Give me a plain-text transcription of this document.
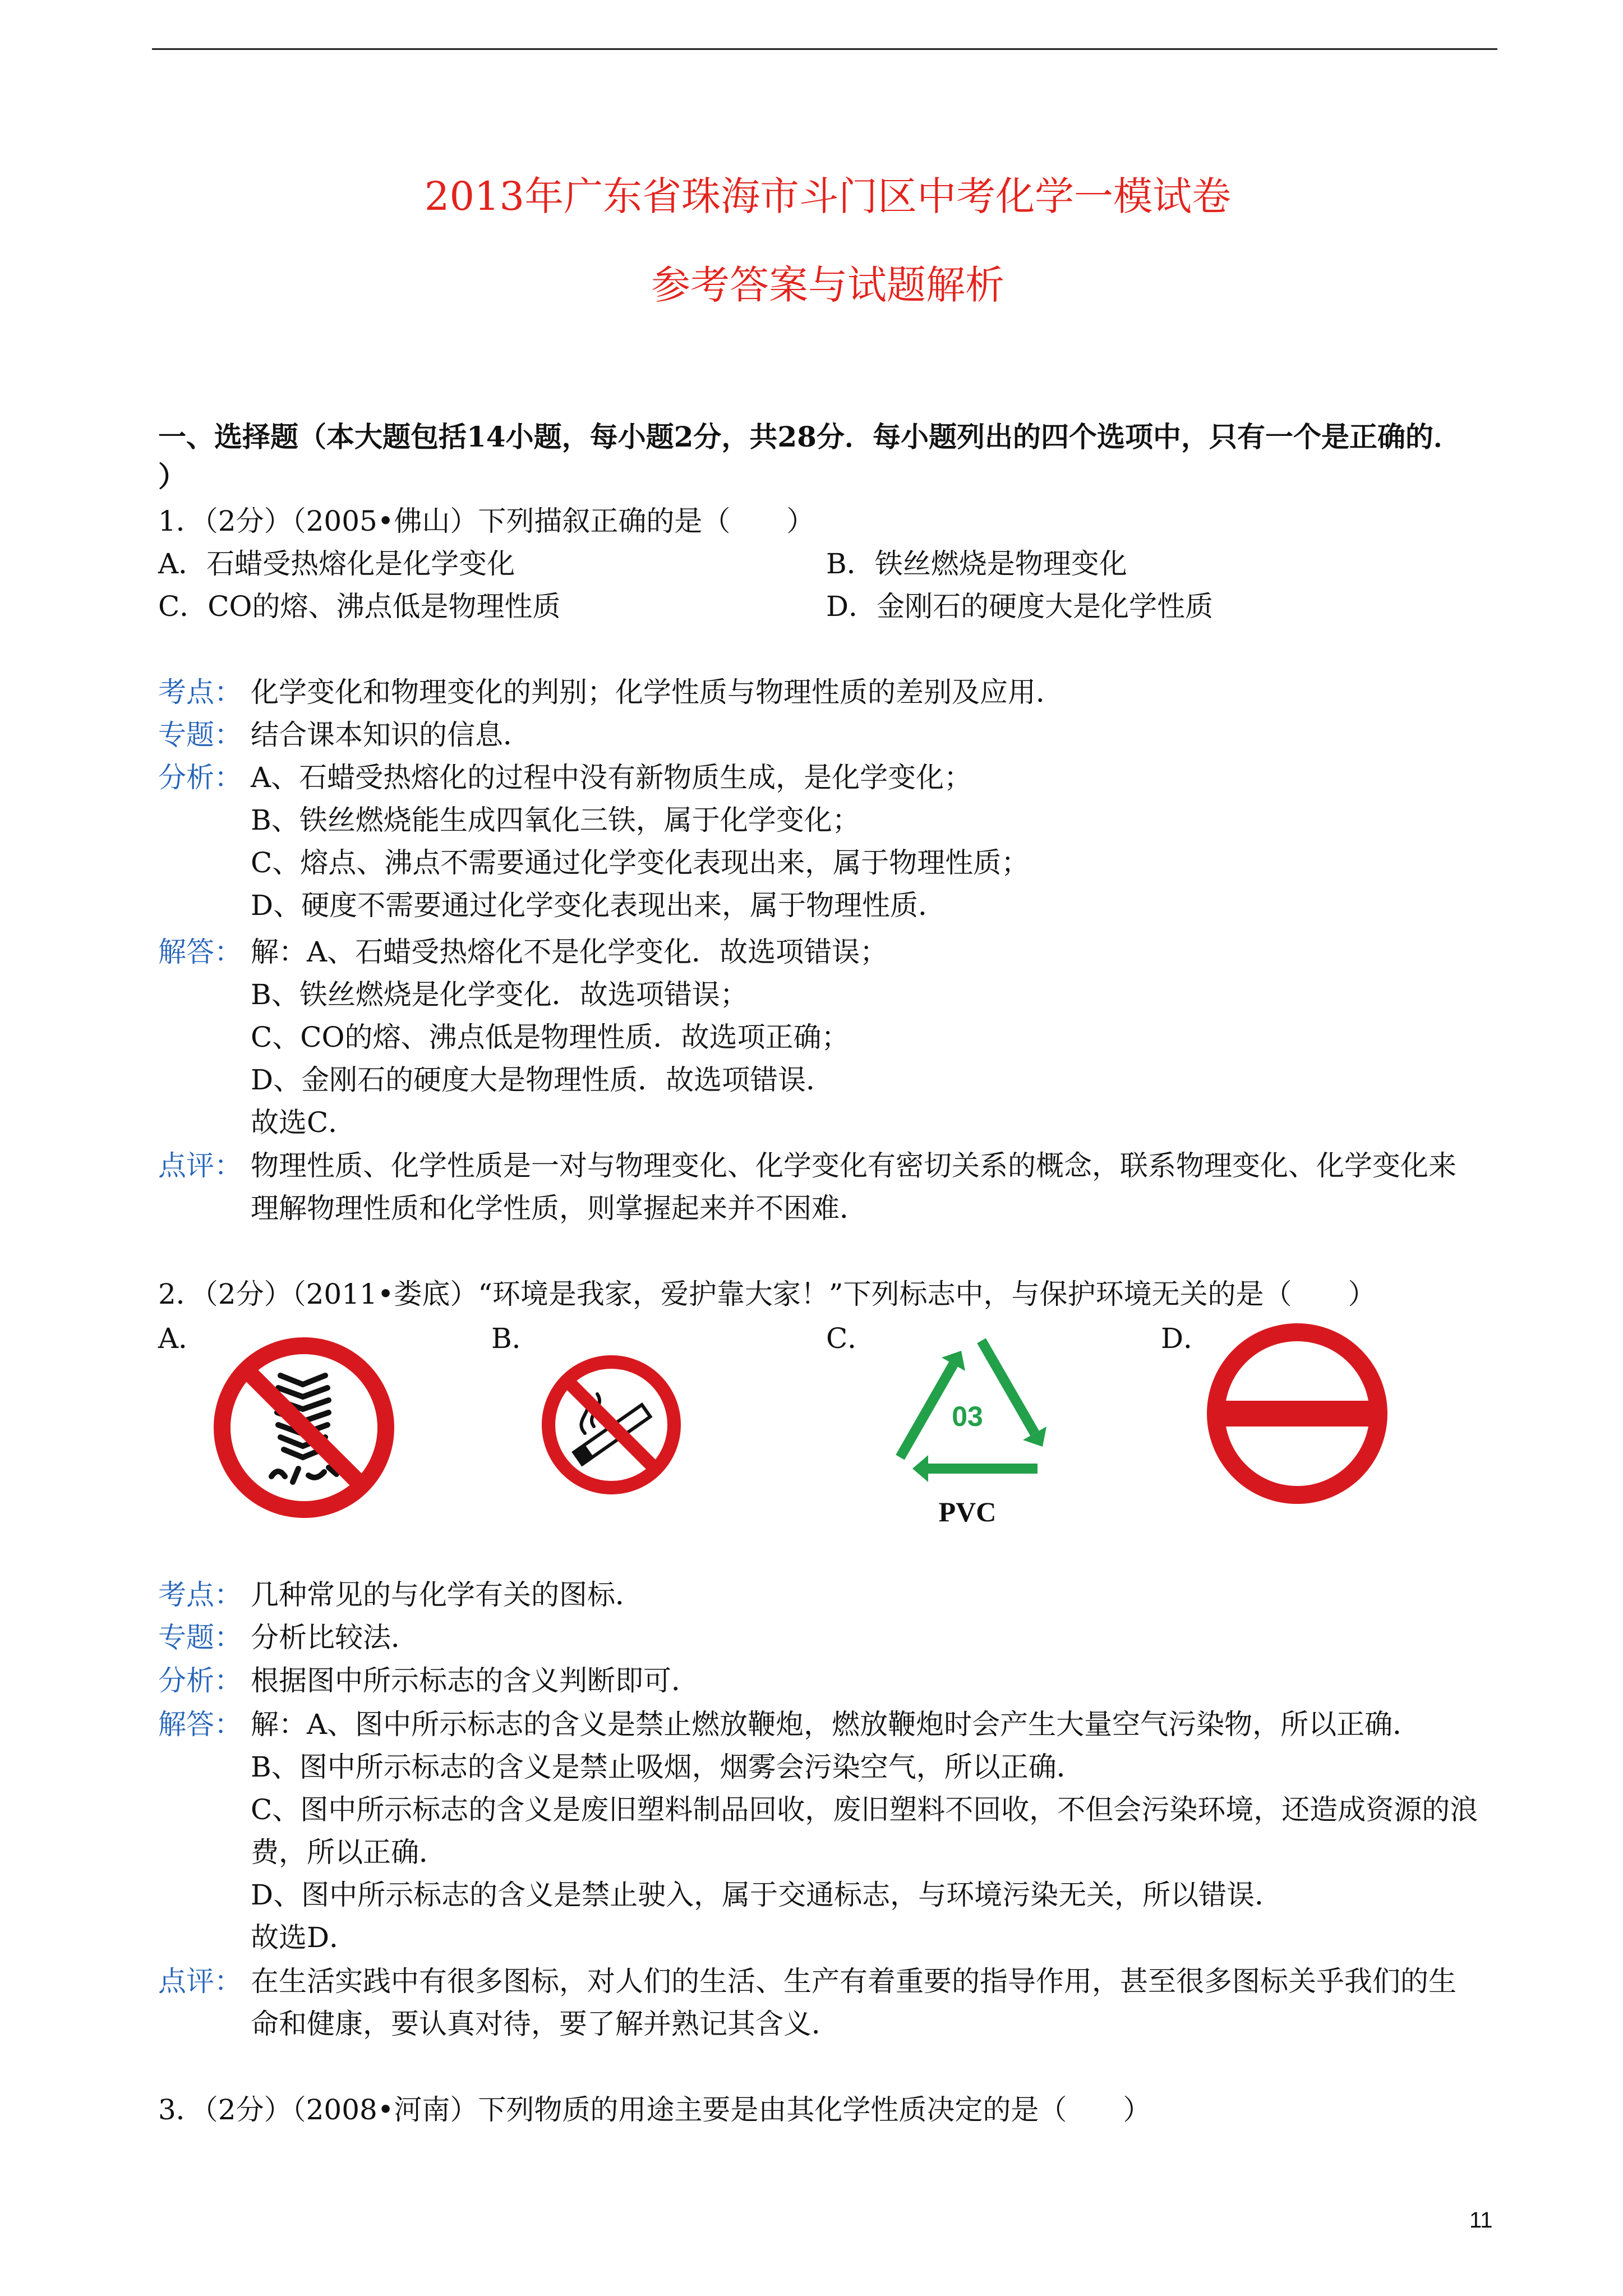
2013年广东省珠海市斗门区中考化学一模试卷
参考答案与试题解析
一、选择题（本大题包括14小题，每小题2分，共28分．每小题列出的四个选项中，只有一个是正确的．
）
1．（2分）（2005•佛山）下列描叙正确的是（　　）
A．石蜡受热熔化是化学变化	B．铁丝燃烧是物理变化
C．CO的熔、沸点低是物理性质	D．金刚石的硬度大是化学性质
考点： 化学变化和物理变化的判别；化学性质与物理性质的差别及应用．
专题： 结合课本知识的信息．
分析： A、石蜡受热熔化的过程中没有新物质生成，是化学变化；
B、铁丝燃烧能生成四氧化三铁，属于化学变化；
C、熔点、沸点不需要通过化学变化表现出来，属于物理性质；
D、硬度不需要通过化学变化表现出来，属于物理性质．
解答： 解：A、石蜡受热熔化不是化学变化．故选项错误；
B、铁丝燃烧是化学变化．故选项错误；
C、CO的熔、沸点低是物理性质．故选项正确；
D、金刚石的硬度大是物理性质．故选项错误．
故选C．
点评： 物理性质、化学性质是一对与物理变化、化学变化有密切关系的概念，联系物理变化、化学变化来
理解物理性质和化学性质，则掌握起来并不困难．
2．（2分）（2011•娄底）“环境是我家，爱护靠大家！”下列标志中，与保护环境无关的是（　　）
A．	B．	C．	D．
03
PVC
考点： 几种常见的与化学有关的图标．
专题： 分析比较法．
分析： 根据图中所示标志的含义判断即可．
解答： 解：A、图中所示标志的含义是禁止燃放鞭炮，燃放鞭炮时会产生大量空气污染物，所以正确．
B、图中所示标志的含义是禁止吸烟，烟雾会污染空气，所以正确．
C、图中所示标志的含义是废旧塑料制品回收，废旧塑料不回收，不但会污染环境，还造成资源的浪
费，所以正确．
D、图中所示标志的含义是禁止驶入，属于交通标志，与环境污染无关，所以错误．
故选D．
点评： 在生活实践中有很多图标，对人们的生活、生产有着重要的指导作用，甚至很多图标关乎我们的生
命和健康，要认真对待，要了解并熟记其含义．
3．（2分）（2008•河南）下列物质的用途主要是由其化学性质决定的是（　　）
11
